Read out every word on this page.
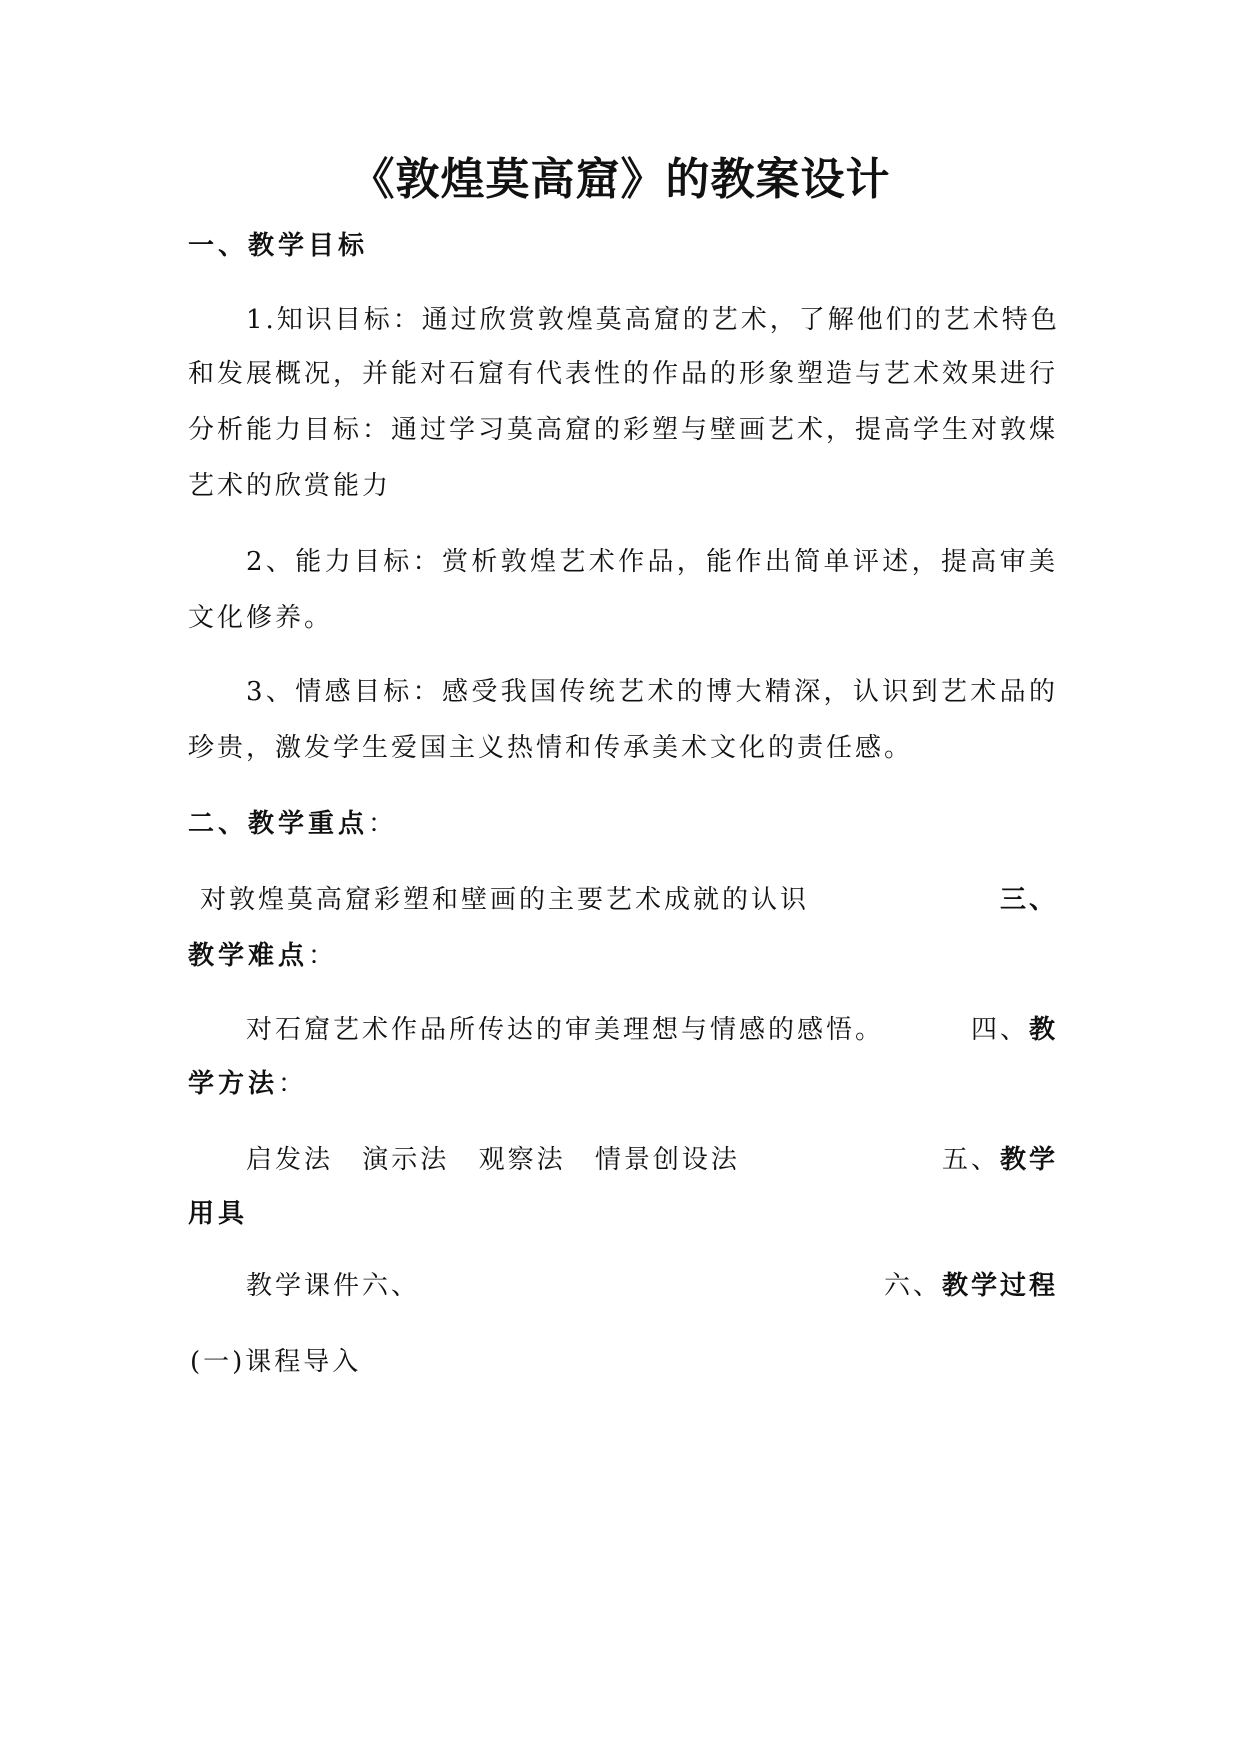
《敦煌莫高窟》的教案设计

一、教学目标

1.知识目标：通过欣赏敦煌莫高窟的艺术，了解他们的艺术特色

和发展概况，并能对石窟有代表性的作品的形象塑造与艺术效果进行

分析能力目标：通过学习莫高窟的彩塑与壁画艺术，提高学生对敦煤

艺术的欣赏能力

2、能力目标：赏析敦煌艺术作品，能作出简单评述，提高审美

文化修养。

3、情感目标：感受我国传统艺术的博大精深，认识到艺术品的

珍贵，激发学生爱国主义热情和传承美术文化的责任感。

二、教学重点：

对敦煌莫高窟彩塑和壁画的主要艺术成就的认识	三、

教学难点：

对石窟艺术作品所传达的审美理想与情感的感悟。	四、教

学方法：

启发法 演示法 观察法 情景创设法	五、教学

用具

教学课件六、	六、教学过程

(一)课程导入
